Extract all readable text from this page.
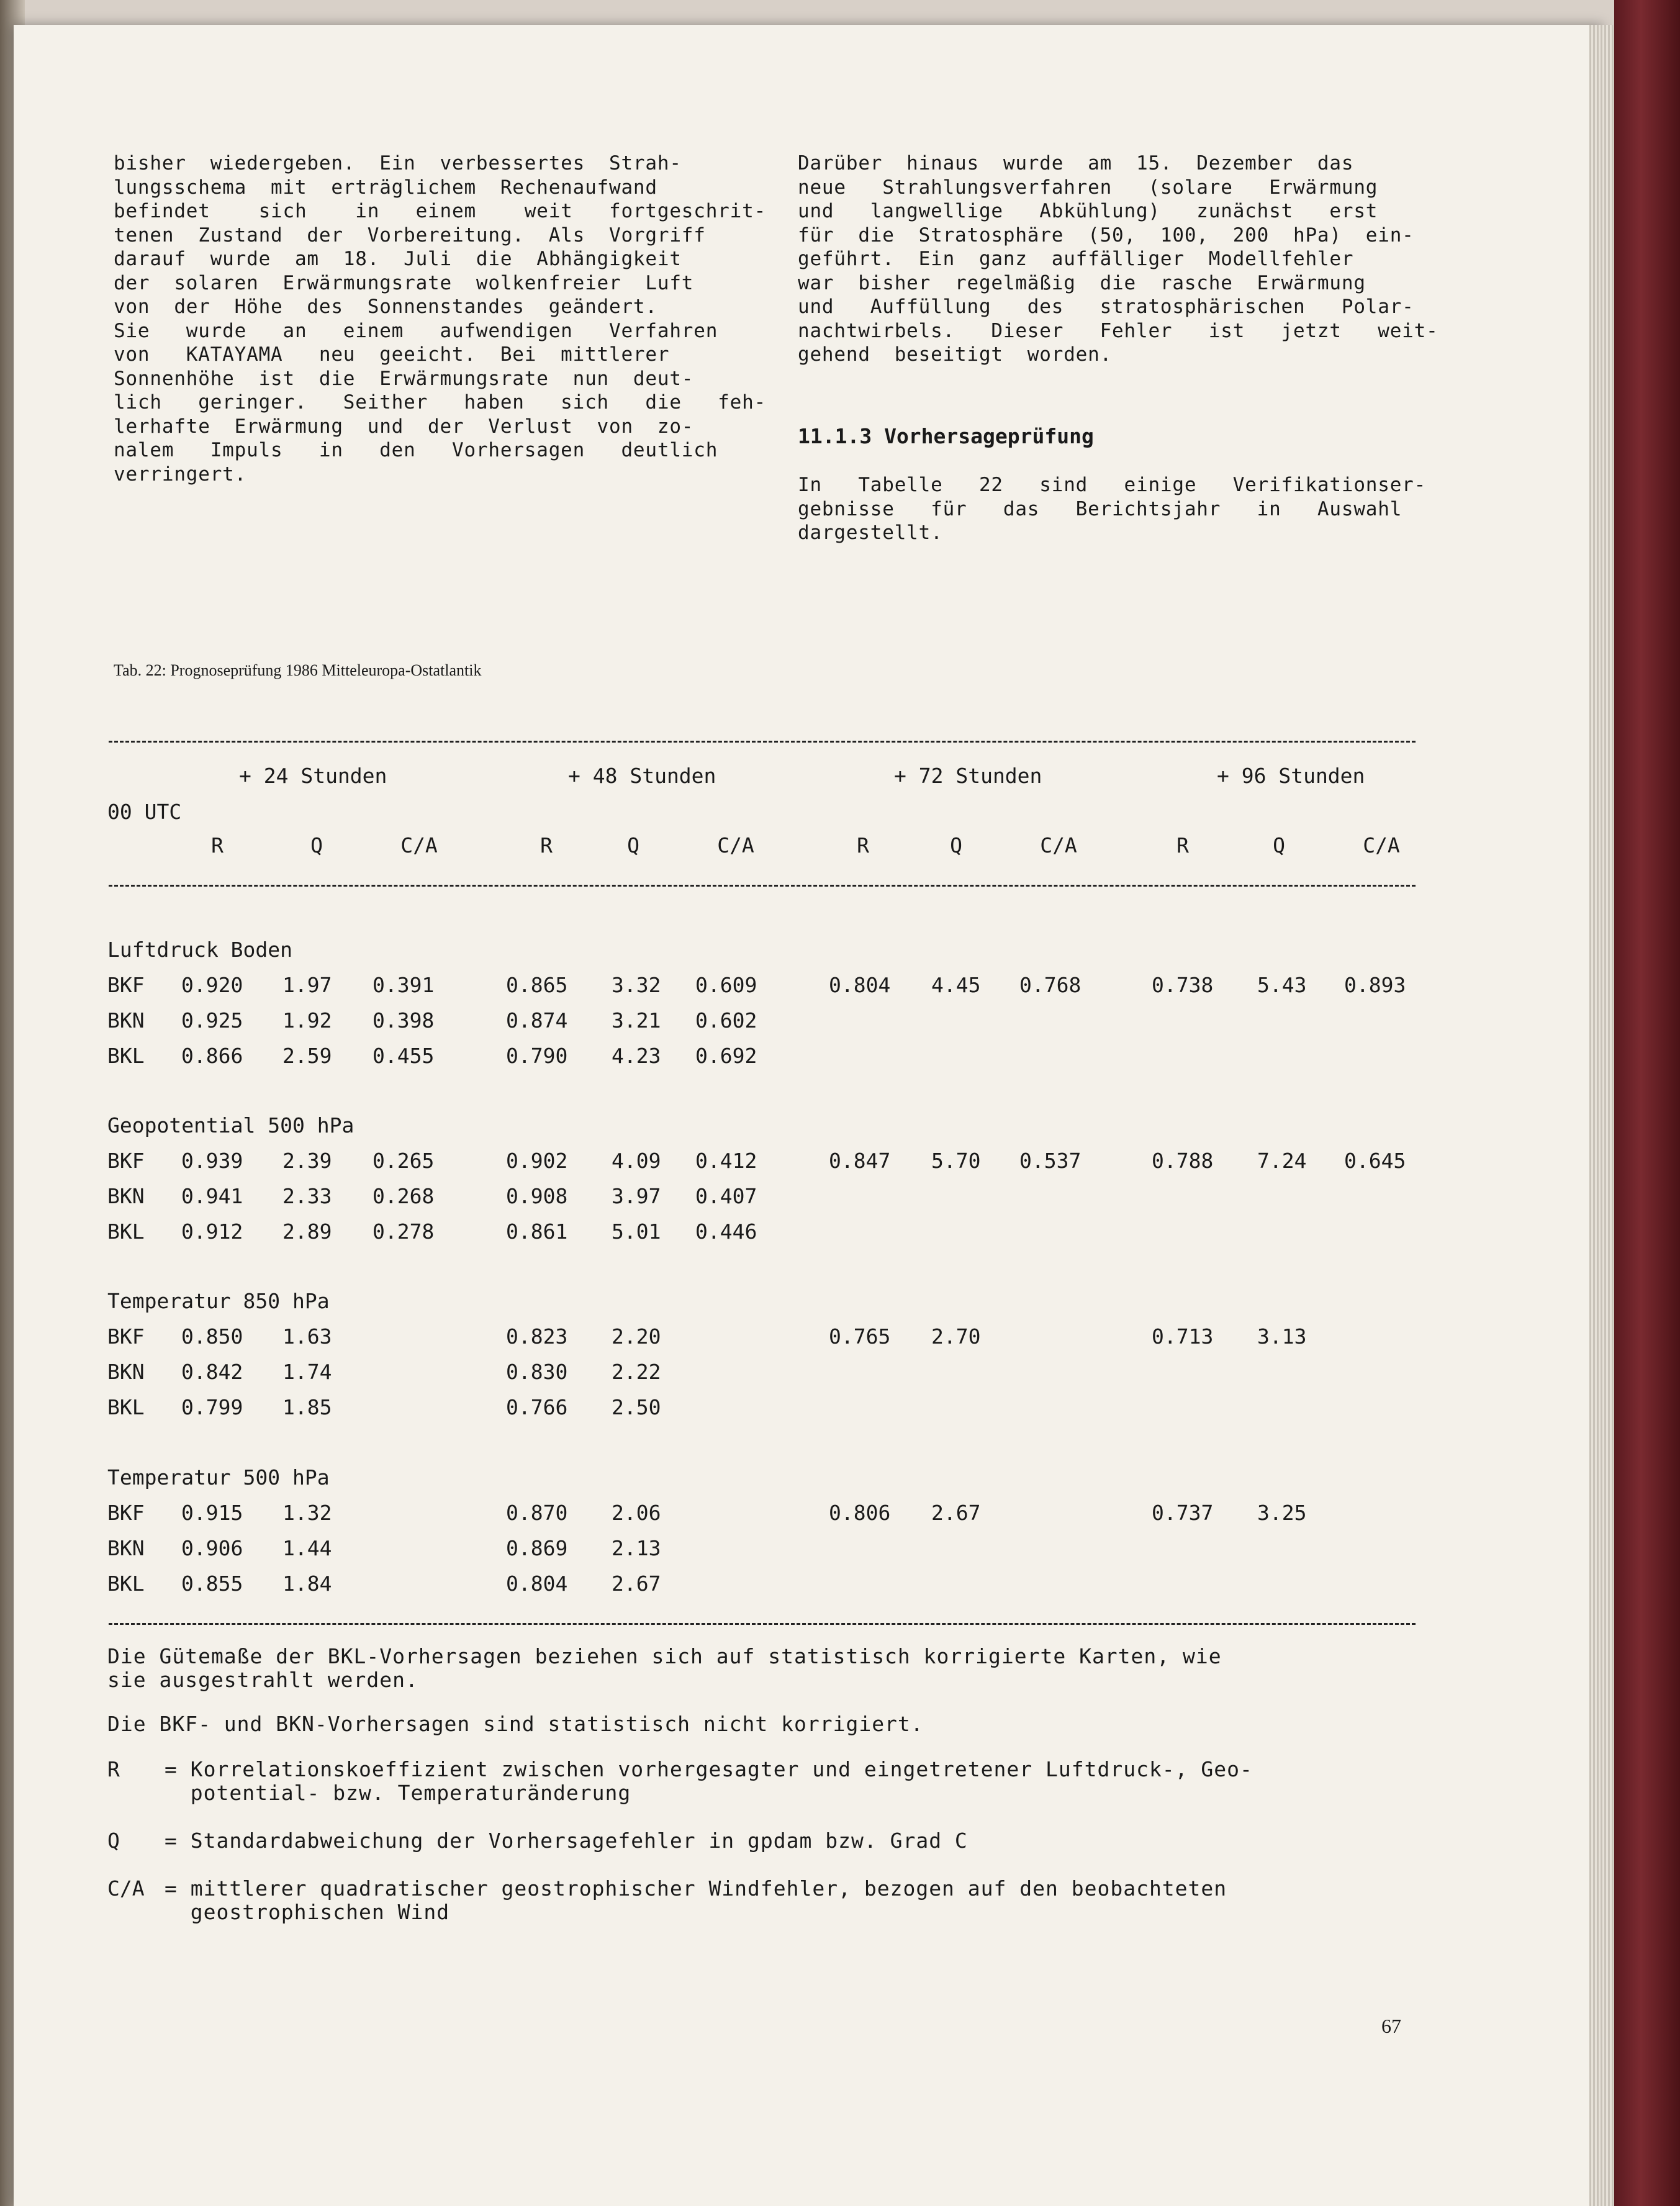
bisher  wiedergeben.  Ein  verbessertes  Strah-
lungsschema  mit  erträglichem  Rechenaufwand
befindet    sich    in   einem    weit   fortgeschrit-
tenen  Zustand  der  Vorbereitung.  Als  Vorgriff
darauf  wurde  am  18.  Juli  die  Abhängigkeit
der  solaren  Erwärmungsrate  wolkenfreier  Luft
von  der  Höhe  des  Sonnenstandes  geändert.
Sie   wurde   an   einem   aufwendigen   Verfahren
von   KATAYAMA   neu  geeicht.  Bei  mittlerer
Sonnenhöhe  ist  die  Erwärmungsrate  nun  deut-
lich   geringer.   Seither   haben   sich   die   feh-
lerhafte  Erwärmung  und  der  Verlust  von  zo-
nalem   Impuls   in   den   Vorhersagen   deutlich
verringert.
Darüber  hinaus  wurde  am  15.  Dezember  das
neue   Strahlungsverfahren   (solare   Erwärmung
und   langwellige   Abkühlung)   zunächst   erst
für  die  Stratosphäre  (50,  100,  200  hPa)  ein-
geführt.  Ein  ganz  auffälliger  Modellfehler
war  bisher  regelmäßig  die  rasche  Erwärmung
und   Auffüllung   des   stratosphärischen   Polar-
nachtwirbels.   Dieser   Fehler   ist   jetzt   weit-
gehend  beseitigt  worden.
11.1.3 Vorhersageprüfung
In   Tabelle   22   sind   einige   Verifikationser-
gebnisse   für   das   Berichtsjahr   in   Auswahl
dargestellt.
Tab. 22: Prognoseprüfung 1986 Mitteleuropa-Ostatlantik
+ 24 Stunden	+ 48 Stunden	+ 72 Stunden	+ 96 Stunden
00 UTC
R	Q	C/A	R	Q	C/A	R	Q	C/A	R	Q	C/A
Luftdruck Boden
BKF 0.920 1.97 0.391	0.865 3.32 0.609	0.804 4.45 0.768	0.738 5.43 0.893
BKN 0.925 1.92 0.398	0.874 3.21 0.602
BKL 0.866 2.59 0.455	0.790 4.23 0.692
Geopotential 500 hPa
BKF 0.939 2.39 0.265	0.902 4.09 0.412	0.847 5.70 0.537	0.788 7.24 0.645
BKN 0.941 2.33 0.268	0.908 3.97 0.407
BKL 0.912 2.89 0.278	0.861 5.01 0.446
Temperatur 850 hPa
BKF 0.850 1.63	0.823 2.20	0.765 2.70	0.713 3.13
BKN 0.842 1.74	0.830 2.22
BKL 0.799 1.85	0.766 2.50
Temperatur 500 hPa
BKF 0.915 1.32	0.870 2.06	0.806 2.67	0.737 3.25
BKN 0.906 1.44	0.869 2.13
BKL 0.855 1.84	0.804 2.67
Die Gütemaße der BKL-Vorhersagen beziehen sich auf statistisch korrigierte Karten, wie
sie ausgestrahlt werden.
Die BKF- und BKN-Vorhersagen sind statistisch nicht korrigiert.
R = Korrelationskoeffizient zwischen vorhergesagter und eingetretener Luftdruck-, Geo-
potential- bzw. Temperaturänderung
Q = Standardabweichung der Vorhersagefehler in gpdam bzw. Grad C
C/A = mittlerer quadratischer geostrophischer Windfehler, bezogen auf den beobachteten
geostrophischen Wind
67
